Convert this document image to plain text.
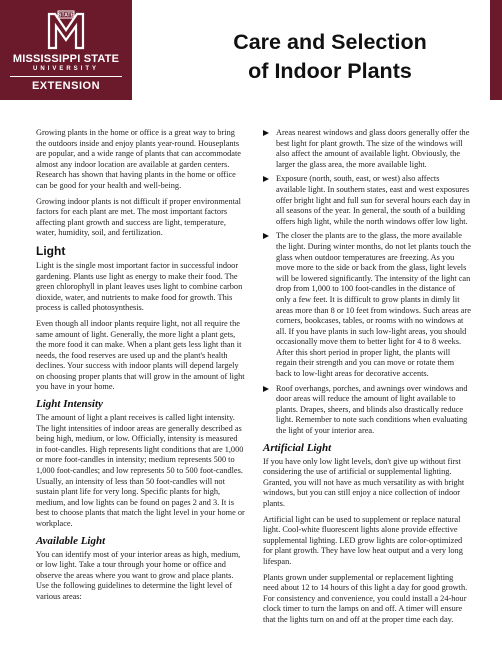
STATE
MISSISSIPPI STATE
UNIVERSITY
EXTENSION
Care and Selection
of Indoor Plants

Growing plants in the home or office is a great way to bring the outdoors inside and enjoy plants year-round. Houseplants are popular, and a wide range of plants that can accommodate almost any indoor location are available at garden centers. Research has shown that having plants in the home or office can be good for your health and well-being.

Growing indoor plants is not difficult if proper environmental factors for each plant are met. The most important factors affecting plant growth and success are light, temperature, water, humidity, soil, and fertilization.

Light

Light is the single most important factor in successful indoor gardening. Plants use light as energy to make their food. The green chlorophyll in plant leaves uses light to combine carbon dioxide, water, and nutrients to make food for growth. This process is called photosynthesis.

Even though all indoor plants require light, not all require the same amount of light. Generally, the more light a plant gets, the more food it can make. When a plant gets less light than it needs, the food reserves are used up and the plant's health declines. Your success with indoor plants will depend largely on choosing proper plants that will grow in the amount of light you have in your home.

Light Intensity

The amount of light a plant receives is called light intensity. The light intensities of indoor areas are generally described as being high, medium, or low. Officially, intensity is measured in foot-candles. High represents light conditions that are 1,000 or more foot-candles in intensity; medium represents 500 to 1,000 foot-candles; and low represents 50 to 500 foot-candles. Usually, an intensity of less than 50 foot-candles will not sustain plant life for very long. Specific plants for high, medium, and low lights can be found on pages 2 and 3. It is best to choose plants that match the light level in your home or workplace.

Available Light

You can identify most of your interior areas as high, medium, or low light. Take a tour through your home or office and observe the areas where you want to grow and place plants. Use the following guidelines to determine the light level of various areas:

Areas nearest windows and glass doors generally offer the best light for plant growth. The size of the windows will also affect the amount of available light. Obviously, the larger the glass area, the more available light.
Exposure (north, south, east, or west) also affects available light. In southern states, east and west exposures offer bright light and full sun for several hours each day in all seasons of the year. In general, the south of a building offers high light, while the north windows offer low light.
The closer the plants are to the glass, the more available the light. During winter months, do not let plants touch the glass when outdoor temperatures are freezing. As you move more to the side or back from the glass, light levels will be lowered significantly. The intensity of the light can drop from 1,000 to 100 foot-candles in the distance of only a few feet. It is difficult to grow plants in dimly lit areas more than 8 or 10 feet from windows. Such areas are corners, bookcases, tables, or rooms with no windows at all. If you have plants in such low-light areas, you should occasionally move them to better light for 4 to 8 weeks. After this short period in proper light, the plants will regain their strength and you can move or rotate them back to low-light areas for decorative accents.
Roof overhangs, porches, and awnings over windows and door areas will reduce the amount of light available to plants. Drapes, sheers, and blinds also drastically reduce light. Remember to note such conditions when evaluating the light of your interior area.
Artificial Light

If you have only low light levels, don't give up without first considering the use of artificial or supplemental lighting. Granted, you will not have as much versatility as with bright windows, but you can still enjoy a nice collection of indoor plants.

Artificial light can be used to supplement or replace natural light. Cool-white fluorescent lights alone provide effective supplemental lighting. LED grow lights are color-optimized for plant growth. They have low heat output and a very long lifespan.

Plants grown under supplemental or replacement lighting need about 12 to 14 hours of this light a day for good growth. For consistency and convenience, you could install a 24-hour clock timer to turn the lamps on and off. A timer will ensure that the lights turn on and off at the proper time each day.
